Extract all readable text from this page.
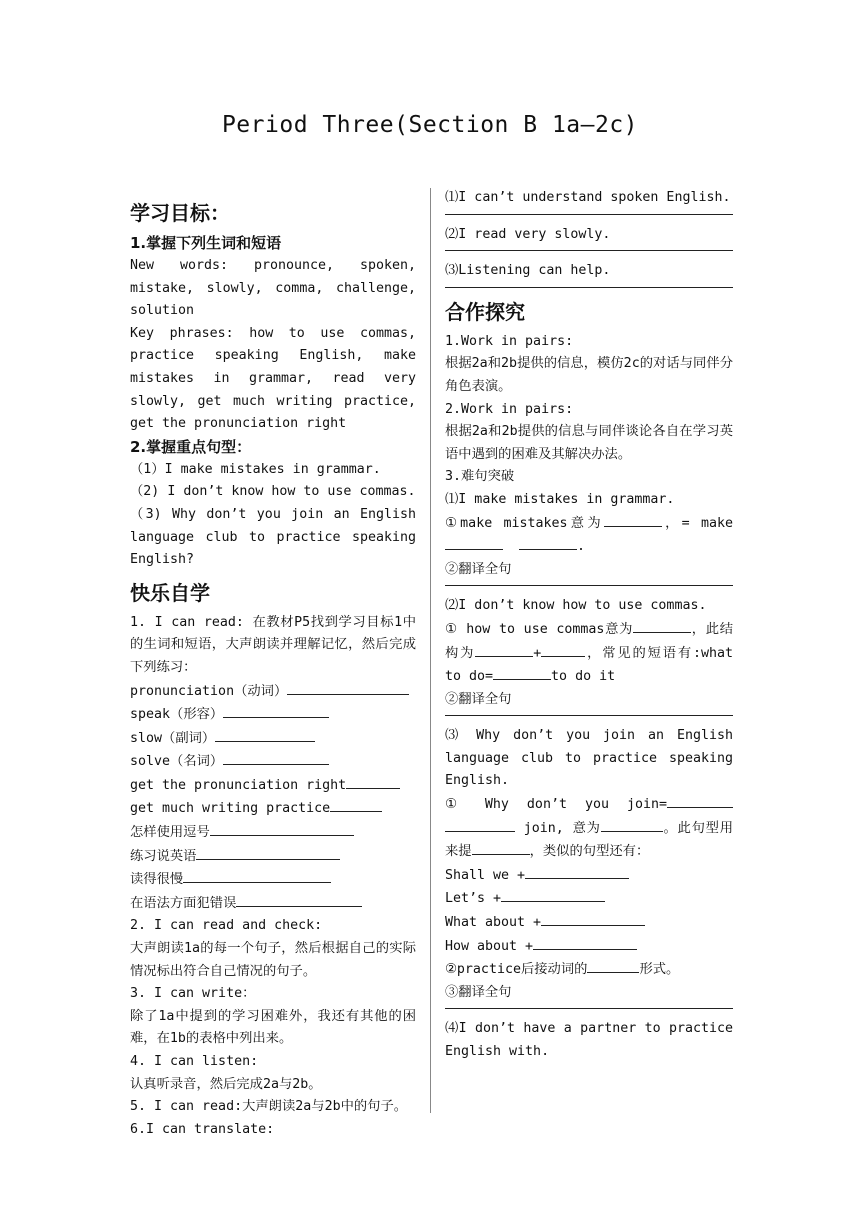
Period Three(Section B 1a—2c)
学习目标：
1.掌握下列生词和短语

New words: pronounce, spoken, mistake, slowly, comma, challenge, solution

Key phrases: how to use commas, practice speaking English, make mistakes in grammar, read very slowly, get much writing practice, get the pronunciation right

2.掌握重点句型：

（1）I make mistakes in grammar.

（2) I don’t know how to use commas.

（3) Why don’t you join an English language club to practice speaking English?

快乐自学

1. I can read: 在教材P5找到学习目标1中的生词和短语，大声朗读并理解记忆，然后完成下列练习：

pronunciation（动词）

speak（形容）

slow（副词）

solve（名词）

get the pronunciation right

get much writing practice

怎样使用逗号

练习说英语

读得很慢

在语法方面犯错误

2. I can read and check:

大声朗读1a的每一个句子，然后根据自己的实际情况标出符合自己情况的句子。

3. I can write：

除了1a中提到的学习困难外，我还有其他的困难，在1b的表格中列出来。

4. I can listen:

认真听录音，然后完成2a与2b。

5. I can read:大声朗读2a与2b中的句子。

6.I can translate:

⑴I can’t understand spoken English.

⑵I read very slowly.

⑶Listening can help.

合作探究

1.Work in pairs:

根据2a和2b提供的信息，模仿2c的对话与同伴分角色表演。

2.Work in pairs:

根据2a和2b提供的信息与同伴谈论各自在学习英语中遇到的困难及其解决办法。

3.难句突破

⑴I make mistakes in grammar.

①make mistakes意为	，= make   .

②翻译全句

⑵I don’t know how to use commas.

① how to use commas意为	，此结构为	+	，常见的短语有:what to do=	to do it

②翻译全句

⑶ Why don’t you join an English language club to practice speaking English.

① Why don’t you join=  join, 意为	。此句型用来提	，类似的句型还有：

Shall we +

Let’s +

What about +

How about +

②practice后接动词的	形式。

③翻译全句

⑷I don’t have a partner to practice English with.
